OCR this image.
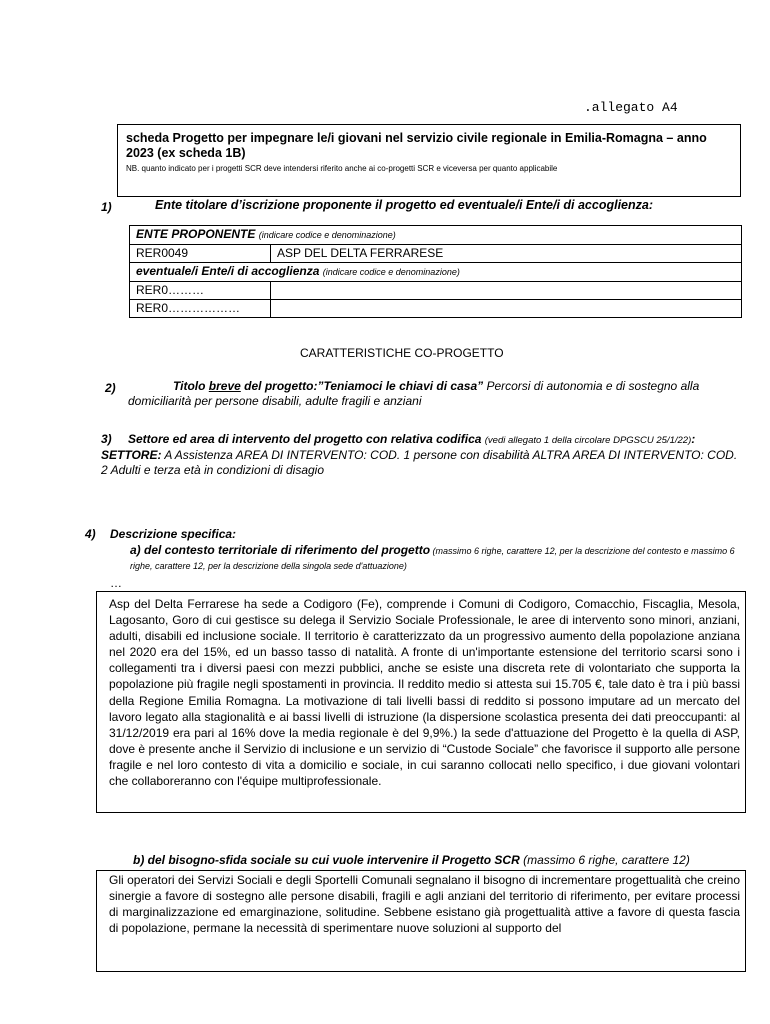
.allegato A4
scheda Progetto per impegnare le/i giovani nel servizio civile regionale in Emilia-Romagna – anno 2023 (ex scheda 1B)
NB. quanto indicato per i progetti SCR deve intendersi riferito anche ai co-progetti SCR e viceversa per quanto applicabile
1)	Ente titolare d’iscrizione proponente il progetto ed eventuale/i Ente/i di accoglienza:
ENTE PROPONENTE (indicare codice e denominazione)	
RER0049	ASP DEL DELTA FERRARESE
eventuale/i Ente/i di accoglienza (indicare codice e denominazione)	
RER0………	
RER0………………	
CARATTERISTICHE CO-PROGETTO
2)	Titolo breve del progetto:”Teniamoci le chiavi di casa” Percorsi di autonomia e di sostegno alla domiciliarità per persone disabili, adulte fragili e anziani
3) Settore ed area di intervento del progetto con relativa codifica (vedi allegato 1 della circolare DPGSCU 25/1/22):
SETTORE: A Assistenza AREA DI INTERVENTO: COD. 1 persone con disabilità ALTRA AREA DI INTERVENTO: COD. 2 Adulti e terza età in condizioni di disagio
4) Descrizione specifica:
a) del contesto territoriale di riferimento del progetto (massimo 6 righe, carattere 12, per la descrizione del contesto e massimo 6 righe, carattere 12, per la descrizione della singola sede d'attuazione)
…
Asp del Delta Ferrarese ha sede a Codigoro (Fe), comprende i Comuni di Codigoro, Comacchio, Fiscaglia, Mesola, Lagosanto, Goro di cui gestisce su delega il Servizio Sociale Professionale, le aree di intervento sono minori, anziani, adulti, disabili ed inclusione sociale. Il territorio è caratterizzato da un progressivo aumento della popolazione anziana nel 2020 era del 15%, ed un basso tasso di natalità. A fronte di un'importante estensione del territorio scarsi sono i collegamenti tra i diversi paesi con mezzi pubblici, anche se esiste una discreta rete di volontariato che supporta la popolazione più fragile negli spostamenti in provincia. Il reddito medio si attesta sui 15.705 €, tale dato è tra i più bassi della Regione Emilia Romagna. La motivazione di tali livelli bassi di reddito si possono imputare ad un mercato del lavoro legato alla stagionalità e ai bassi livelli di istruzione (la dispersione scolastica presenta dei dati preoccupanti: al 31/12/2019 era pari al 16% dove la media regionale è del 9,9%.) la sede d'attuazione del Progetto è la quella di ASP, dove è presente anche il Servizio di inclusione e un servizio di “Custode Sociale” che favorisce il supporto alle persone fragile e nel loro contesto di vita a domicilio e sociale, in cui saranno collocati nello specifico, i due giovani volontari che collaboreranno con l'équipe multiprofessionale.
b) del bisogno-sfida sociale su cui vuole intervenire il Progetto SCR (massimo 6 righe, carattere 12)
Gli operatori dei Servizi Sociali e degli Sportelli Comunali segnalano il bisogno di incrementare progettualità che creino sinergie a favore di sostegno alle persone disabili, fragili e agli anziani del territorio di riferimento, per evitare processi di marginalizzazione ed emarginazione, solitudine. Sebbene esistano già progettualità attive a favore di questa fascia di popolazione, permane la necessità di sperimentare nuove soluzioni al supporto del
